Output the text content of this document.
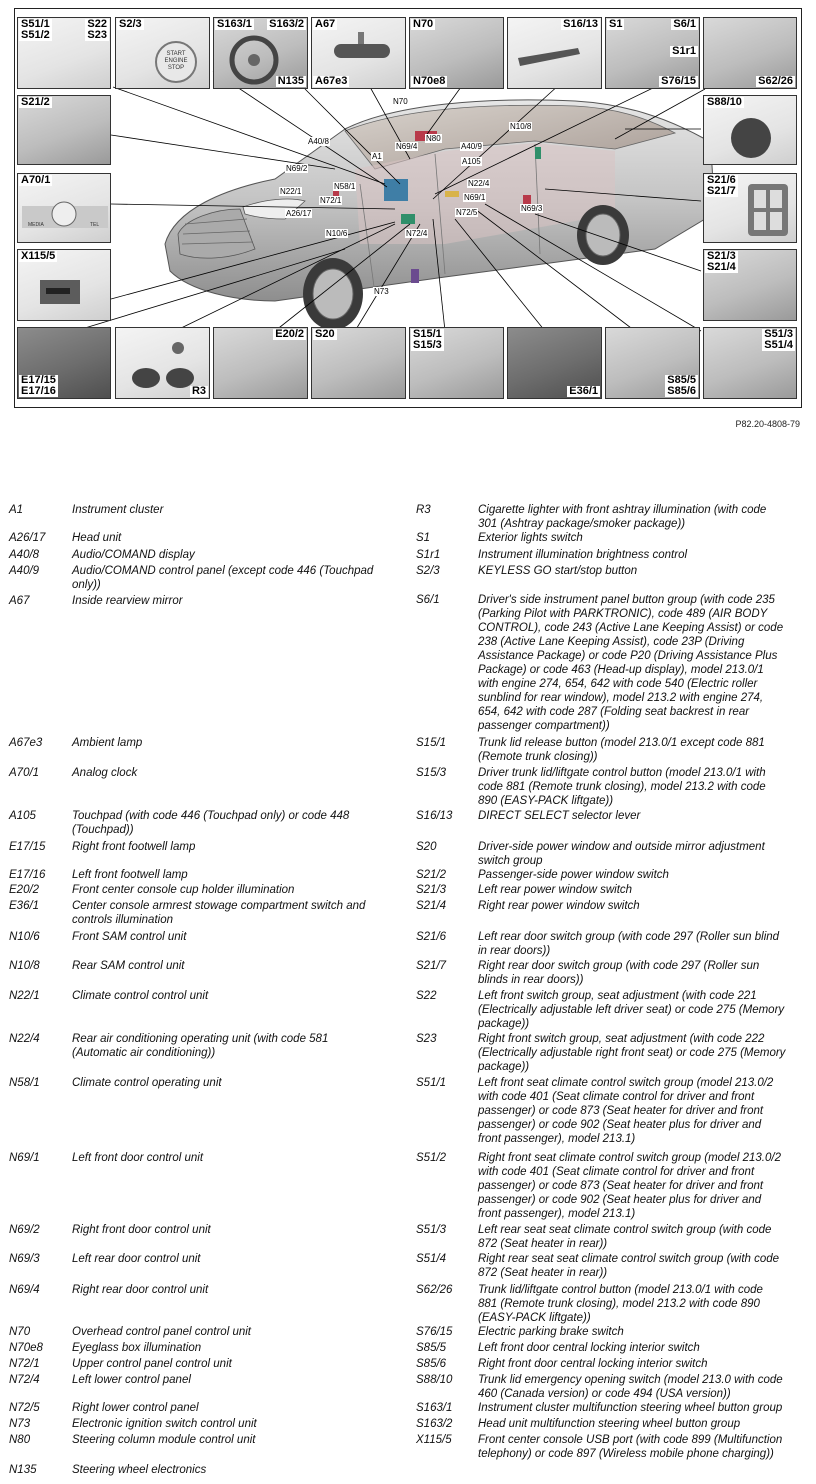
S51/1
S51/2
S22
S23
S2/3
START
ENGINE
STOP
S163/1 S163/2
N135
A67
A67e3
N70
N70e8
S16/13 S1	S6/1
S1r1
S76/15	S62/26
S21/2
A70/1
MEDIA	TEL
X115/5
S88/10
S21/6
S21/7
S21/3
S21/4
E17/15
E17/16	R3
E20/2 S20	S15/1
S15/3
E36/1
S85/5
S85/6
S51/3
S51/4
N70
A40/8
A1
N80
N69/4
N10/8
A40/9
A105
N69/2
N22/1
N58/1
N72/1
N22/4
N69/1
N72/5	N69/3
A26/17
N10/6	N72/4
N73
P82.20-4808-79
A1	Instrument cluster
A26/17	Head unit
A40/8	Audio/COMAND display
A40/9	Audio/COMAND control panel (except code 446 (Touchpad
only))
A67	Inside rearview mirror
A67e3	Ambient lamp
A70/1	Analog clock
A105	Touchpad (with code 446 (Touchpad only) or code 448
(Touchpad))
E17/15	Right front footwell lamp
E17/16	Left front footwell lamp
E20/2	Front center console cup holder illumination
E36/1	Center console armrest stowage compartment switch and
controls illumination
N10/6	Front SAM control unit
N10/8	Rear SAM control unit
N22/1	Climate control control unit
N22/4	Rear air conditioning operating unit (with code 581
(Automatic air conditioning))
N58/1	Climate control operating unit
N69/1	Left front door control unit
N69/2	Right front door control unit
N69/3	Left rear door control unit
N69/4	Right rear door control unit
N70	Overhead control panel control unit
N70e8	Eyeglass box illumination
N72/1	Upper control panel control unit
N72/4	Left lower control panel
N72/5	Right lower control panel
N73	Electronic ignition switch control unit
N80	Steering column module control unit
N135	Steering wheel electronics
R3	Cigarette lighter with front ashtray illumination (with code
301 (Ashtray package/smoker package))
S1	Exterior lights switch
S1r1	Instrument illumination brightness control
S2/3	KEYLESS GO start/stop button
S6/1	Driver's side instrument panel button group (with code 235
(Parking Pilot with PARKTRONIC), code 489 (AIR BODY
CONTROL), code 243 (Active Lane Keeping Assist) or code
238 (Active Lane Keeping Assist), code 23P (Driving
Assistance Package) or code P20 (Driving Assistance Plus
Package) or code 463 (Head-up display), model 213.0/1
with engine 274, 654, 642 with code 540 (Electric roller
sunblind for rear window), model 213.2 with engine 274,
654, 642 with code 287 (Folding seat backrest in rear
passenger compartment))
S15/1	Trunk lid release button (model 213.0/1 except code 881
(Remote trunk closing))
S15/3	Driver trunk lid/liftgate control button (model 213.0/1 with
code 881 (Remote trunk closing), model 213.2 with code
890 (EASY-PACK liftgate))
S16/13	DIRECT SELECT selector lever
S20	Driver-side power window and outside mirror adjustment
switch group
S21/2	Passenger-side power window switch
S21/3	Left rear power window switch
S21/4	Right rear power window switch
S21/6	Left rear door switch group (with code 297 (Roller sun blind
in rear doors))
S21/7	Right rear door switch group (with code 297 (Roller sun
blinds in rear doors))
S22	Left front switch group, seat adjustment (with code 221
(Electrically adjustable left driver seat) or code 275 (Memory
package))
S23	Right front switch group, seat adjustment (with code 222
(Electrically adjustable right front seat) or code 275 (Memory
package))
S51/1	Left front seat climate control switch group (model 213.0/2
with code 401 (Seat climate control for driver and front
passenger) or code 873 (Seat heater for driver and front
passenger) or code 902 (Seat heater plus for driver and
front passenger), model 213.1)
S51/2	Right front seat climate control switch group (model 213.0/2
with code 401 (Seat climate control for driver and front
passenger) or code 873 (Seat heater for driver and front
passenger) or code 902 (Seat heater plus for driver and
front passenger), model 213.1)
S51/3	Left rear seat seat climate control switch group (with code
872 (Seat heater in rear))
S51/4	Right rear seat seat climate control switch group (with code
872 (Seat heater in rear))
S62/26	Trunk lid/liftgate control button (model 213.0/1 with code
881 (Remote trunk closing), model 213.2 with code 890
(EASY-PACK liftgate))
S76/15	Electric parking brake switch
S85/5	Left front door central locking interior switch
S85/6	Right front door central locking interior switch
S88/10	Trunk lid emergency opening switch (model 213.0 with code
460 (Canada version) or code 494 (USA version))
S163/1	Instrument cluster multifunction steering wheel button group
S163/2	Head unit multifunction steering wheel button group
X115/5	Front center console USB port (with code 899 (Multifunction
telephony) or code 897 (Wireless mobile phone charging))
